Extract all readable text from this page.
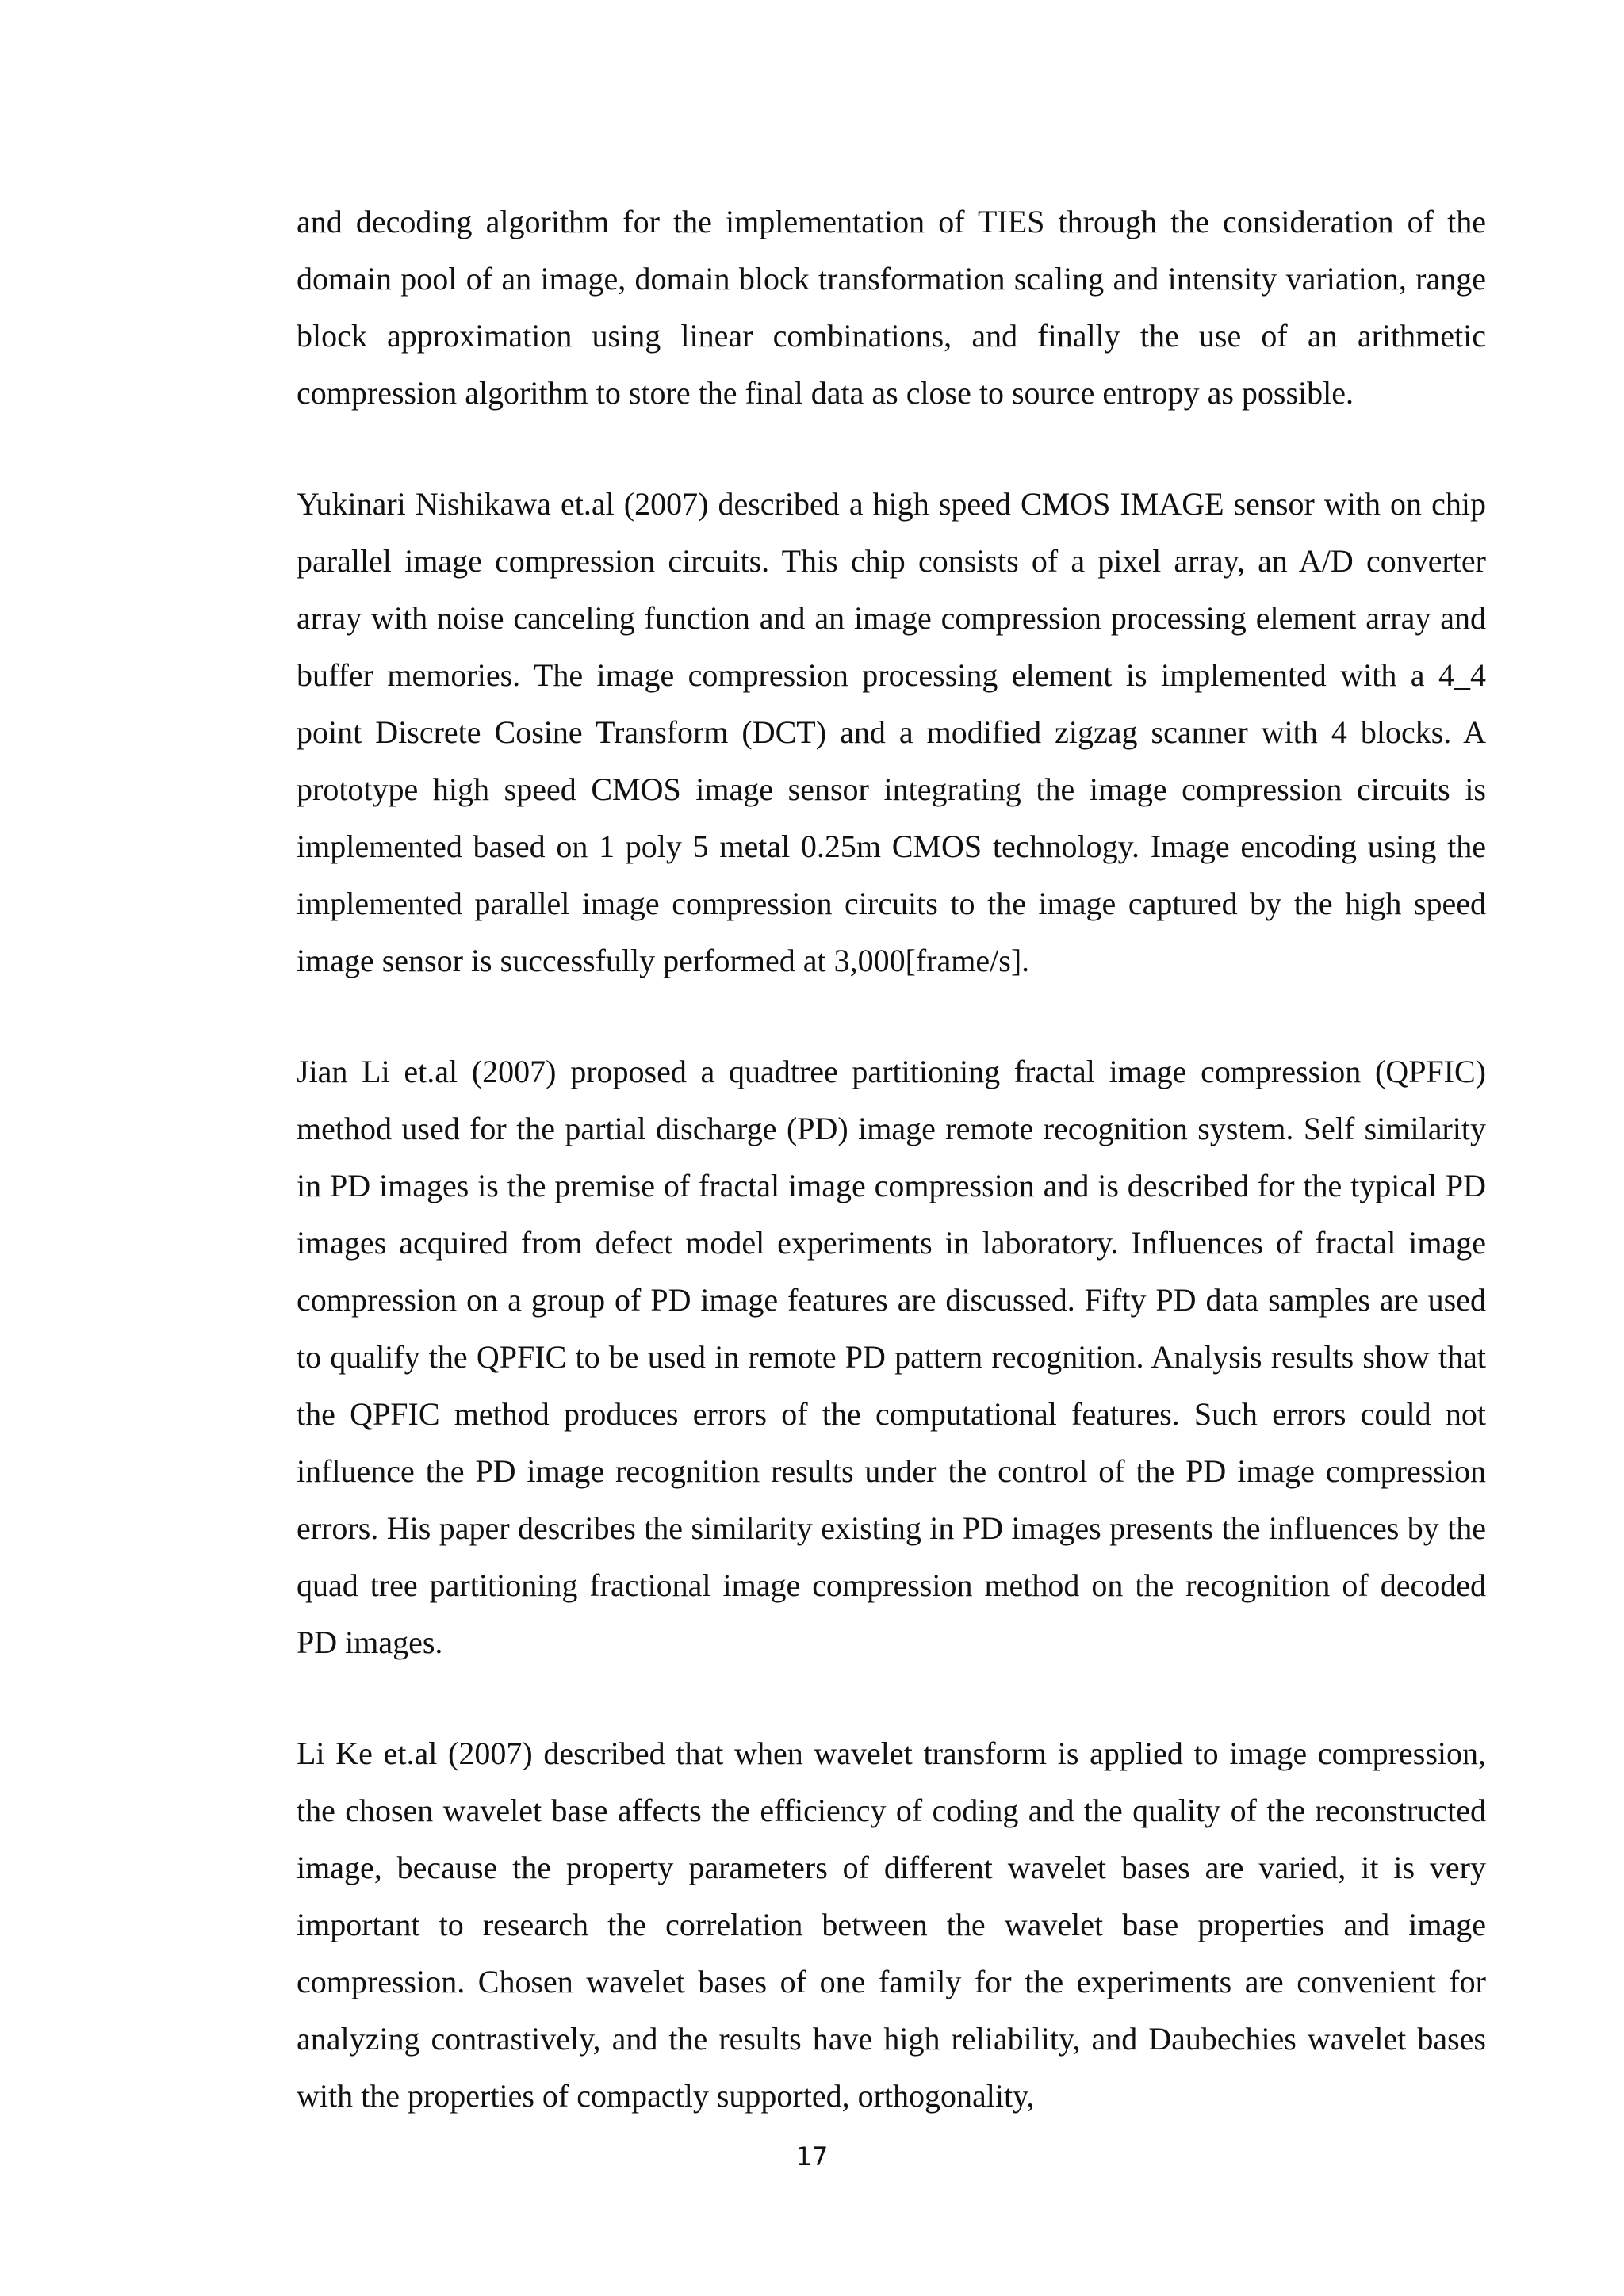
and decoding algorithm for the implementation of TIES through the consideration of the domain pool of an image, domain block transformation scaling and intensity variation, range block approximation using linear combinations, and finally the use of an arithmetic compression algorithm to store the final data as close to source entropy as possible.

Yukinari Nishikawa et.al (2007) described a high speed CMOS IMAGE sensor with on chip parallel image compression circuits. This chip consists of a pixel array, an A/D converter array with noise canceling function and an image compression processing element array and buffer memories. The image compression processing element is implemented with a 4_4 point Discrete Cosine Transform (DCT) and a modified zigzag scanner with 4 blocks. A prototype high speed CMOS image sensor integrating the image compression circuits is implemented based on 1 poly 5 metal 0.25m CMOS technology. Image encoding using the implemented parallel image compression circuits to the image captured by the high speed image sensor is successfully performed at 3,000[frame/s].

Jian Li et.al (2007) proposed a quadtree partitioning fractal image compression (QPFIC) method used for the partial discharge (PD) image remote recognition system. Self similarity in PD images is the premise of fractal image compression and is described for the typical PD images acquired from defect model experiments in laboratory. Influences of fractal image compression on a group of PD image features are discussed. Fifty PD data samples are used to qualify the QPFIC to be used in remote PD pattern recognition. Analysis results show that the QPFIC method produces errors of the computational features. Such errors could not influence the PD image recognition results under the control of the PD image compression errors. His paper describes the similarity existing in PD images presents the influences by the quad tree partitioning fractional image compression method on the recognition of decoded PD images.

Li Ke et.al (2007) described that when wavelet transform is applied to image compression, the chosen wavelet base affects the efficiency of coding and the quality of the reconstructed image, because the property parameters of different wavelet bases are varied, it is very important to research the correlation between the wavelet base properties and image compression. Chosen wavelet bases of one family for the experiments are convenient for analyzing contrastively, and the results have high reliability, and Daubechies wavelet bases with the properties of compactly supported, orthogonality,

17
